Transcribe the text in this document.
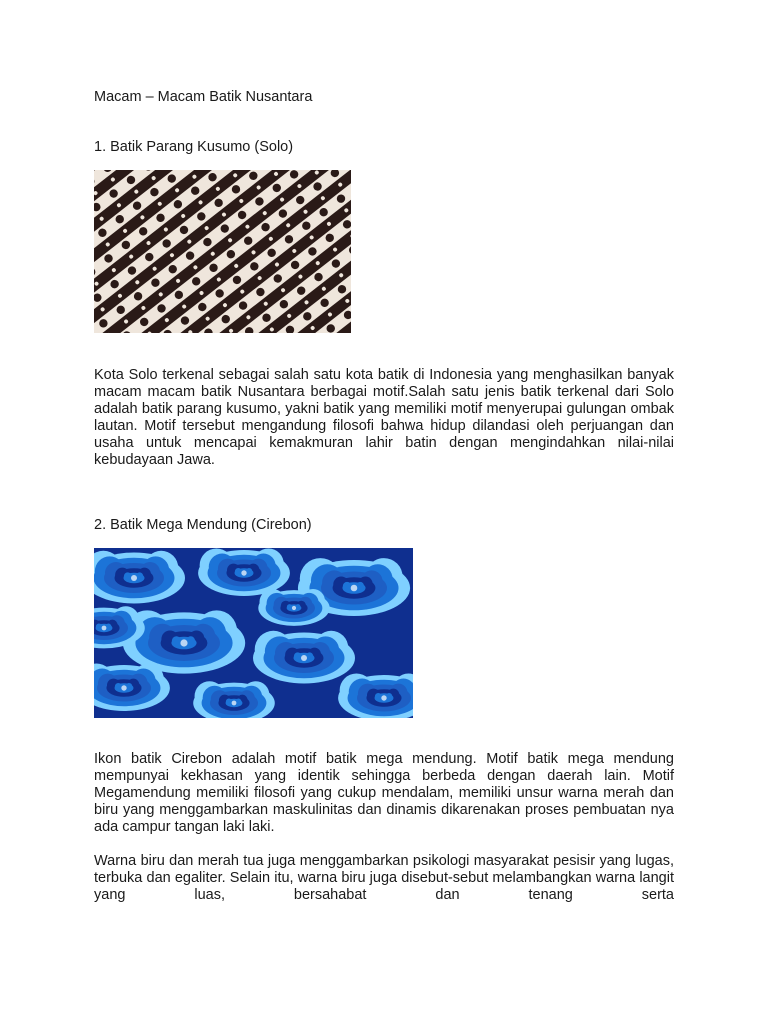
Macam – Macam Batik Nusantara
1. Batik Parang Kusumo (Solo)
Kota Solo terkenal sebagai salah satu kota batik di Indonesia yang menghasilkan banyak macam macam batik Nusantara berbagai motif.Salah satu jenis batik terkenal dari Solo adalah batik parang kusumo, yakni batik yang memiliki motif menyerupai gulungan ombak lautan. Motif tersebut mengandung filosofi bahwa hidup dilandasi oleh perjuangan dan usaha untuk mencapai kemakmuran lahir batin dengan mengindahkan nilai-nilai kebudayaan Jawa.
2. Batik Mega Mendung (Cirebon)
Ikon batik Cirebon adalah motif batik mega mendung. Motif batik mega mendung mempunyai kekhasan yang identik sehingga berbeda dengan daerah lain. Motif Megamendung memiliki filosofi yang cukup mendalam, memiliki unsur warna merah dan biru yang menggambarkan maskulinitas dan dinamis dikarenakan proses pembuatan nya ada campur tangan laki laki.
Warna biru dan merah tua juga menggambarkan psikologi masyarakat pesisir yang lugas, terbuka dan egaliter. Selain itu, warna biru juga disebut-sebut melambangkan warna langit yang luas, bersahabat dan tenang serta
